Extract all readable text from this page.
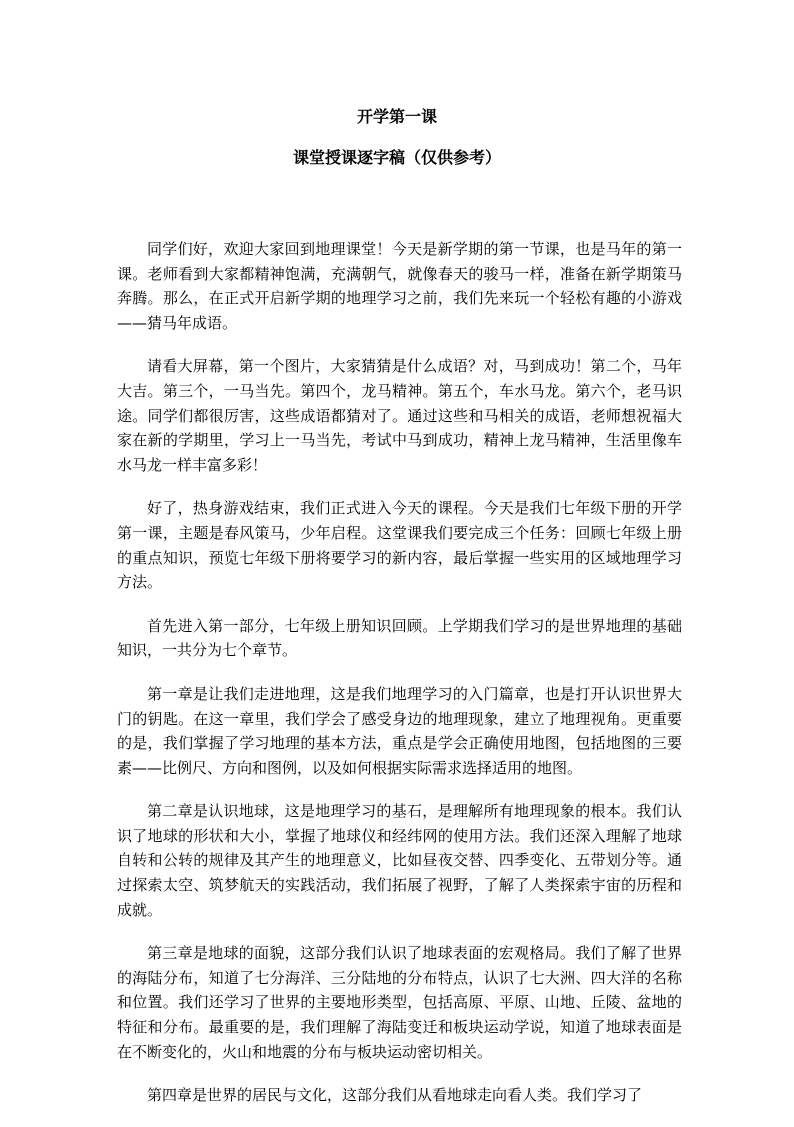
开学第一课
课堂授课逐字稿（仅供参考）

同学们好，欢迎大家回到地理课堂！今天是新学期的第一节课，也是马年的第一课。老师看到大家都精神饱满，充满朝气，就像春天的骏马一样，准备在新学期策马奔腾。那么，在正式开启新学期的地理学习之前，我们先来玩一个轻松有趣的小游戏——猜马年成语。

请看大屏幕，第一个图片，大家猜猜是什么成语？对，马到成功！第二个，马年大吉。第三个，一马当先。第四个，龙马精神。第五个，车水马龙。第六个，老马识途。同学们都很厉害，这些成语都猜对了。通过这些和马相关的成语，老师想祝福大家在新的学期里，学习上一马当先，考试中马到成功，精神上龙马精神，生活里像车水马龙一样丰富多彩！

好了，热身游戏结束，我们正式进入今天的课程。今天是我们七年级下册的开学第一课，主题是春风策马，少年启程。这堂课我们要完成三个任务：回顾七年级上册的重点知识，预览七年级下册将要学习的新内容，最后掌握一些实用的区域地理学习方法。

首先进入第一部分，七年级上册知识回顾。上学期我们学习的是世界地理的基础知识，一共分为七个章节。

第一章是让我们走进地理，这是我们地理学习的入门篇章，也是打开认识世界大门的钥匙。在这一章里，我们学会了感受身边的地理现象，建立了地理视角。更重要的是，我们掌握了学习地理的基本方法，重点是学会正确使用地图，包括地图的三要素——比例尺、方向和图例，以及如何根据实际需求选择适用的地图。

第二章是认识地球，这是地理学习的基石，是理解所有地理现象的根本。我们认识了地球的形状和大小，掌握了地球仪和经纬网的使用方法。我们还深入理解了地球自转和公转的规律及其产生的地理意义，比如昼夜交替、四季变化、五带划分等。通过探索太空、筑梦航天的实践活动，我们拓展了视野，了解了人类探索宇宙的历程和成就。

第三章是地球的面貌，这部分我们认识了地球表面的宏观格局。我们了解了世界的海陆分布，知道了七分海洋、三分陆地的分布特点，认识了七大洲、四大洋的名称和位置。我们还学习了世界的主要地形类型，包括高原、平原、山地、丘陵、盆地的特征和分布。最重要的是，我们理解了海陆变迁和板块运动学说，知道了地球表面是在不断变化的，火山和地震的分布与板块运动密切相关。

第四章是世界的居民与文化，这部分我们从看地球走向看人类。我们学习了
